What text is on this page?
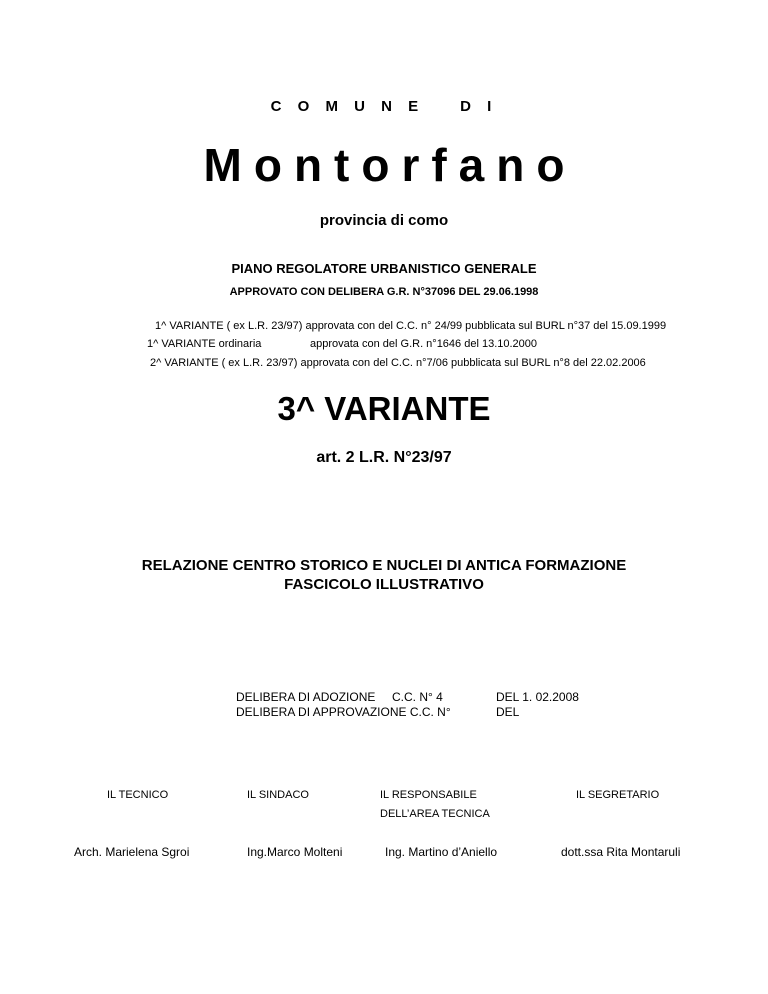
C O M U N E D I
Montorfano
provincia di como
PIANO REGOLATORE URBANISTICO GENERALE
APPROVATO CON DELIBERA G.R. N°37096 DEL 29.06.1998
1^ VARIANTE ( ex L.R. 23/97) approvata con del C.C. n° 24/99 pubblicata sul BURL n°37 del 15.09.1999
1^ VARIANTE ordinaria	approvata con del G.R. n°1646 del 13.10.2000
2^ VARIANTE ( ex L.R. 23/97) approvata con del C.C. n°7/06 pubblicata sul BURL n°8 del 22.02.2006
3^ VARIANTE
art. 2 L.R. N°23/97
RELAZIONE CENTRO STORICO E NUCLEI DI ANTICA FORMAZIONE
FASCICOLO ILLUSTRATIVO
DELIBERA DI ADOZIONE C.C. N° 4	DEL 1. 02.2008
DELIBERA DI APPROVAZIONE C.C. N°	DEL
IL TECNICO	IL SINDACO	IL RESPONSABILE	IL SEGRETARIO
DELL’AREA TECNICA
Arch. Marielena Sgroi	Ing.Marco Molteni	Ing. Martino d’Aniello	dott.ssa Rita Montaruli
